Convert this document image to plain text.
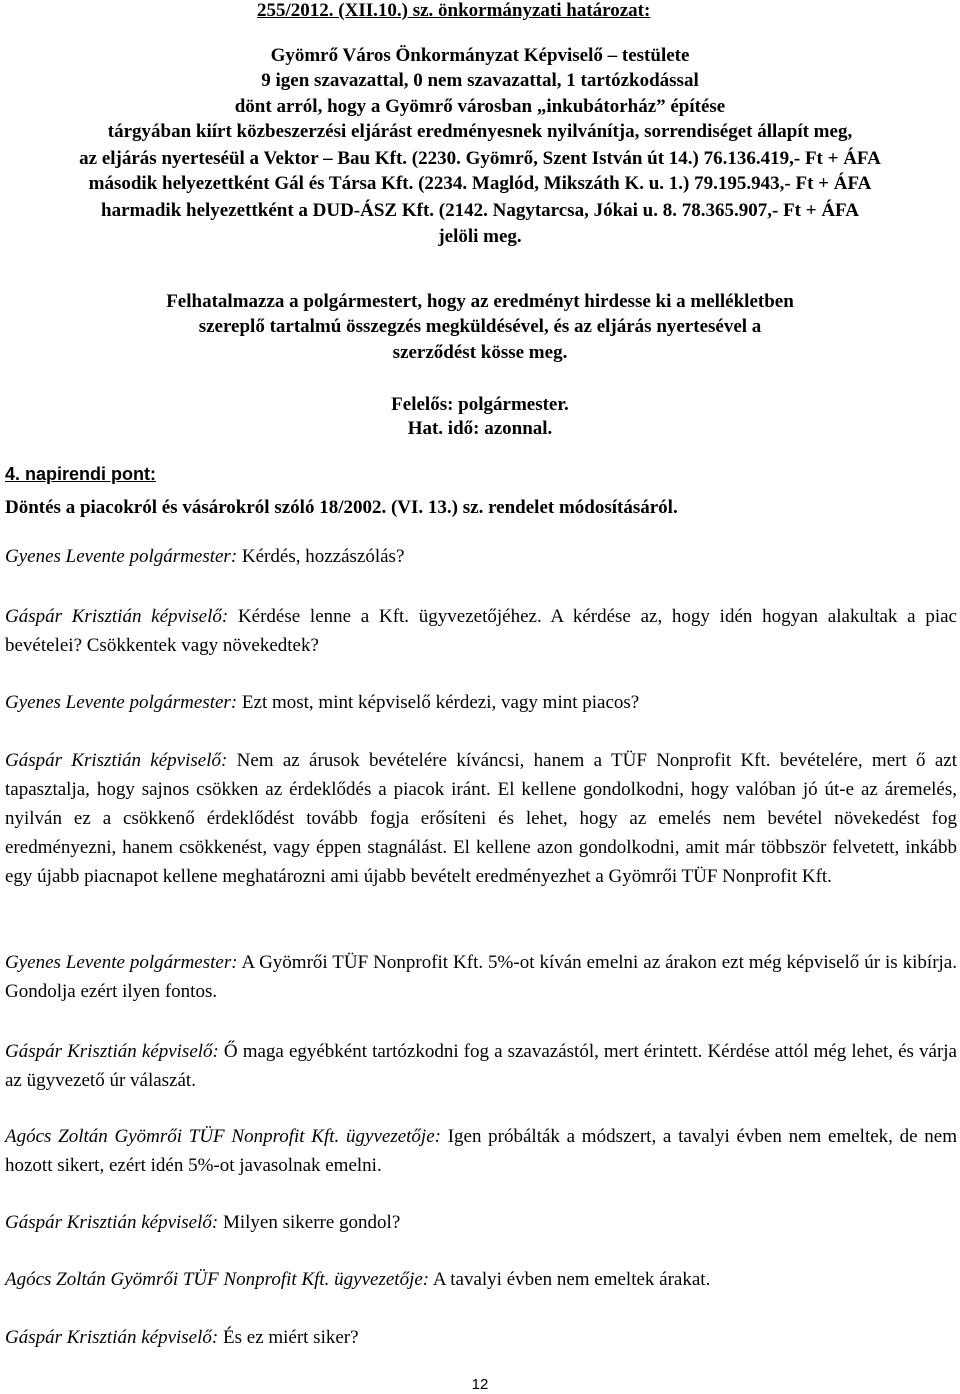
255/2012. (XII.10.) sz. önkormányzati határozat:
Gyömrő Város Önkormányzat Képviselő – testülete
9 igen szavazattal, 0 nem szavazattal, 1 tartózkodással
dönt arról, hogy a Gyömrő városban „inkubátorház” építése
tárgyában kiírt közbeszerzési eljárást eredményesnek nyilvánítja, sorrendiséget állapít meg,
az eljárás nyerteséül a Vektor – Bau Kft. (2230. Gyömrő, Szent István út 14.) 76.136.419,- Ft + ÁFA
második helyezettként Gál és Társa Kft. (2234. Maglód, Mikszáth K. u. 1.) 79.195.943,- Ft + ÁFA
harmadik helyezettként a DUD-ÁSZ Kft. (2142. Nagytarcsa, Jókai u. 8. 78.365.907,- Ft + ÁFA
jelöli meg.
Felhatalmazza a polgármestert, hogy az eredményt hirdesse ki a mellékletben
szereplő tartalmú összegzés megküldésével, és az eljárás nyertesével a
szerződést kösse meg.
Felelős: polgármester.
Hat. idő: azonnal.
4. napirendi pont:
Döntés a piacokról és vásárokról szóló 18/2002. (VI. 13.) sz. rendelet módosításáról.
Gyenes Levente polgármester: Kérdés, hozzászólás?
Gáspár Krisztián képviselő: Kérdése lenne a Kft. ügyvezetőjéhez. A kérdése az, hogy idén hogyan alakultak a piac bevételei? Csökkentek vagy növekedtek?
Gyenes Levente polgármester: Ezt most, mint képviselő kérdezi, vagy mint piacos?
Gáspár Krisztián képviselő: Nem az árusok bevételére kíváncsi, hanem a TÜF Nonprofit Kft. bevételére, mert ő azt tapasztalja, hogy sajnos csökken az érdeklődés a piacok iránt. El kellene gondolkodni, hogy valóban jó út-e az áremelés, nyilván ez a csökkenő érdeklődést tovább fogja erősíteni és lehet, hogy az emelés nem bevétel növekedést fog eredményezni, hanem csökkenést, vagy éppen stagnálást. El kellene azon gondolkodni, amit már többször felvetett, inkább egy újabb piacnapot kellene meghatározni ami újabb bevételt eredményezhet a Gyömrői TÜF Nonprofit Kft.
Gyenes Levente polgármester: A Gyömrői TÜF Nonprofit Kft. 5%-ot kíván emelni az árakon ezt még képviselő úr is kibírja. Gondolja ezért ilyen fontos.
Gáspár Krisztián képviselő: Ő maga egyébként tartózkodni fog a szavazástól, mert érintett. Kérdése attól még lehet, és várja az ügyvezető úr válaszát.
Agócs Zoltán Gyömrői TÜF Nonprofit Kft. ügyvezetője: Igen próbálták a módszert, a tavalyi évben nem emeltek, de nem hozott sikert, ezért idén 5%-ot javasolnak emelni.
Gáspár Krisztián képviselő: Milyen sikerre gondol?
Agócs Zoltán Gyömrői TÜF Nonprofit Kft. ügyvezetője: A tavalyi évben nem emeltek árakat.
Gáspár Krisztián képviselő: És ez miért siker?
12
